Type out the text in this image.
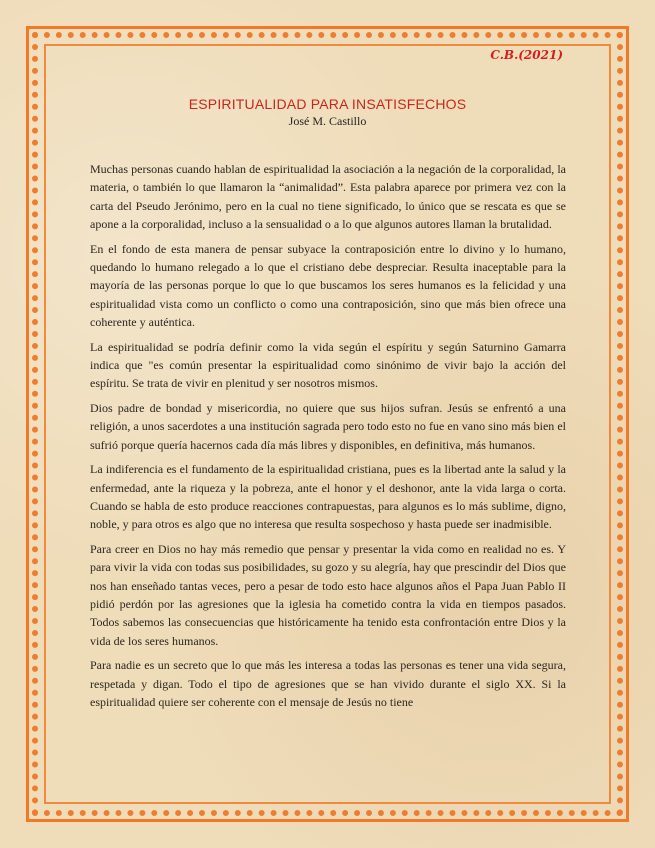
C.B.(2021)
ESPIRITUALIDAD PARA INSATISFECHOS
José M. Castillo

Muchas personas cuando hablan de espiritualidad la asociación a la negación de la corporalidad, la materia, o también lo que llamaron la “animalidad”. Esta palabra aparece por primera vez con la carta del Pseudo Jerónimo, pero en la cual no tiene significado, lo único que se rescata es que se apone a la corporalidad, incluso a la sensualidad o a lo que algunos autores llaman la brutalidad.

En el fondo de esta manera de pensar subyace la contraposición entre lo divino y lo humano, quedando lo humano relegado a lo que el cristiano debe despreciar. Resulta inaceptable para la mayoría de las personas porque lo que lo que buscamos los seres humanos es la felicidad y una espiritualidad vista como un conflicto o como una contraposición, sino que más bien ofrece una coherente y auténtica.

La espiritualidad se podría definir como la vida según el espíritu y según Saturnino Gamarra indica que "es común presentar la espiritualidad como sinónimo de vivir bajo la acción del espíritu. Se trata de vivir en plenitud y ser nosotros mismos.

Dios padre de bondad y misericordia, no quiere que sus hijos sufran. Jesús se enfrentó a una religión, a unos sacerdotes a una institución sagrada pero todo esto no fue en vano sino más bien el sufrió porque quería hacernos cada día más libres y disponibles, en definitiva, más humanos.

La indiferencia es el fundamento de la espiritualidad cristiana, pues es la libertad ante la salud y la enfermedad, ante la riqueza y la pobreza, ante el honor y el deshonor, ante la vida larga o corta. Cuando se habla de esto produce reacciones contrapuestas, para algunos es lo más sublime, digno, noble, y para otros es algo que no interesa que resulta sospechoso y hasta puede ser inadmisible.

Para creer en Dios no hay más remedio que pensar y presentar la vida como en realidad no es. Y para vivir la vida con todas sus posibilidades, su gozo y su alegría, hay que prescindir del Dios que nos han enseñado tantas veces, pero a pesar de todo esto hace algunos años el Papa Juan Pablo II pidió perdón por las agresiones que la iglesia ha cometido contra la vida en tiempos pasados. Todos sabemos las consecuencias que históricamente ha tenido esta confrontación entre Dios y la vida de los seres humanos.

Para nadie es un secreto que lo que más les interesa a todas las personas es tener una vida segura, respetada y digan. Todo el tipo de agresiones que se han vivido durante el siglo XX. Si la espiritualidad quiere ser coherente con el mensaje de Jesús no tiene
